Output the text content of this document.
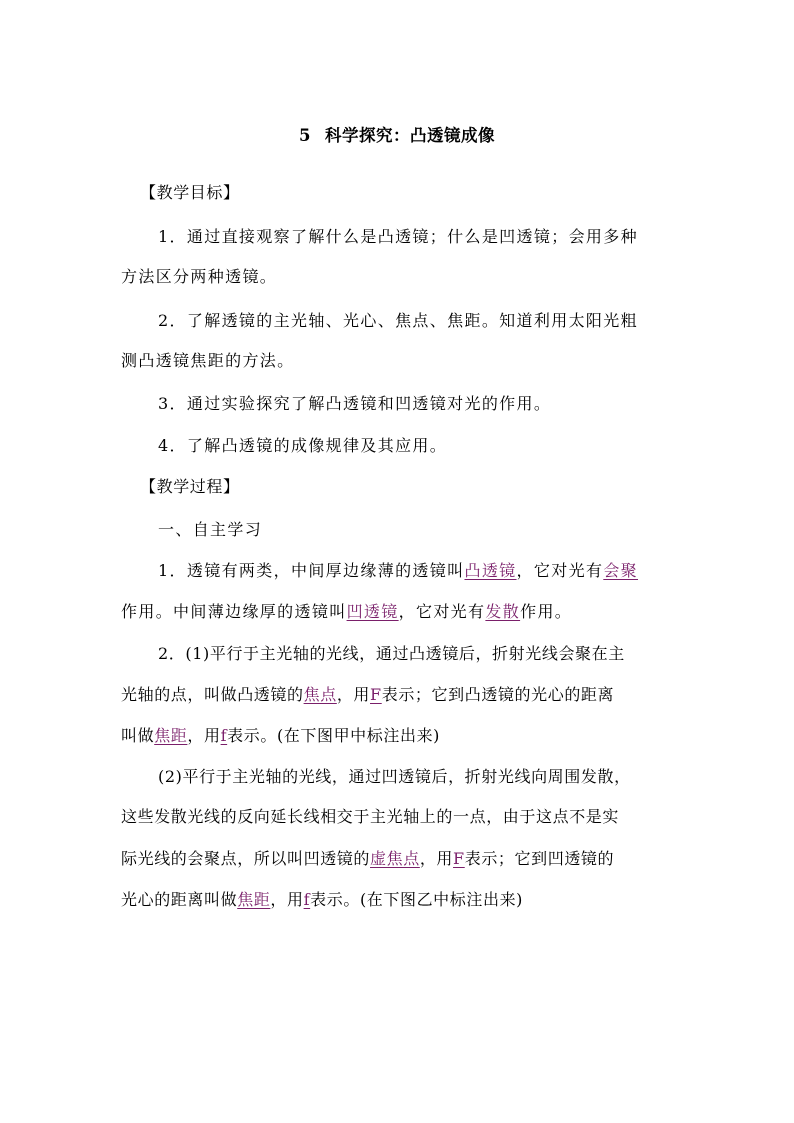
5 科学探究：凸透镜成像
【教学目标】
1．通过直接观察了解什么是凸透镜；什么是凹透镜；会用多种
方法区分两种透镜。
2．了解透镜的主光轴、光心、焦点、焦距。知道利用太阳光粗
测凸透镜焦距的方法。
3．通过实验探究了解凸透镜和凹透镜对光的作用。
4．了解凸透镜的成像规律及其应用。
【教学过程】
一、自主学习
1．透镜有两类，中间厚边缘薄的透镜叫凸透镜，它对光有会聚
作用。中间薄边缘厚的透镜叫凹透镜，它对光有发散作用。
2．(1)平行于主光轴的光线，通过凸透镜后，折射光线会聚在主
光轴的点，叫做凸透镜的焦点，用F表示；它到凸透镜的光心的距离
叫做焦距，用f表示。(在下图甲中标注出来)
(2)平行于主光轴的光线，通过凹透镜后，折射光线向周围发散，
这些发散光线的反向延长线相交于主光轴上的一点，由于这点不是实
际光线的会聚点，所以叫凹透镜的虚焦点，用F表示；它到凹透镜的
光心的距离叫做焦距，用f表示。(在下图乙中标注出来)
